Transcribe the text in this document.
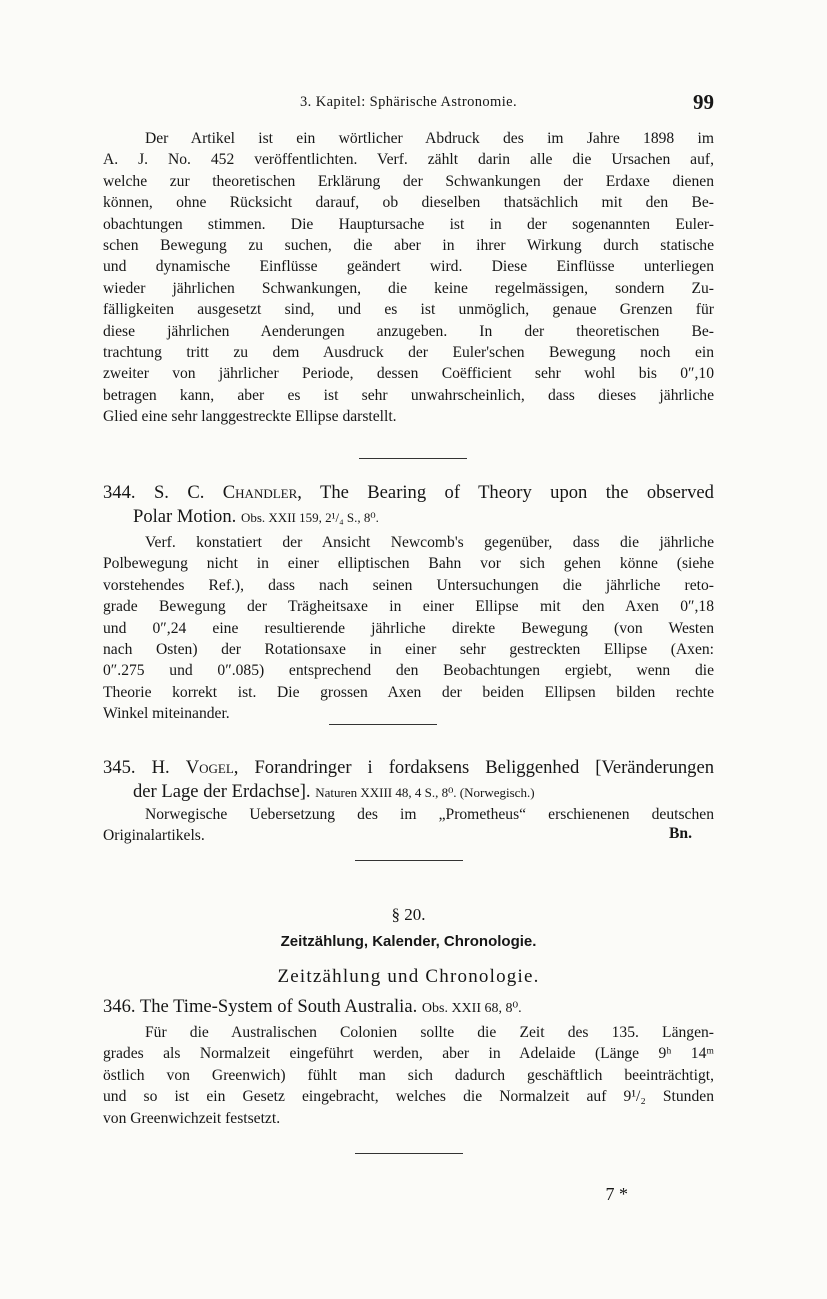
3. Kapitel: Sphärische Astronomie.	99
Der Artikel ist ein wörtlicher Abdruck des im Jahre 1898 im
A. J. No. 452 veröffentlichten. Verf. zählt darin alle die Ursachen auf,
welche zur theoretischen Erklärung der Schwankungen der Erdaxe dienen
können, ohne Rücksicht darauf, ob dieselben thatsächlich mit den Be-
obachtungen stimmen. Die Hauptursache ist in der sogenannten Euler-
schen Bewegung zu suchen, die aber in ihrer Wirkung durch statische
und dynamische Einflüsse geändert wird. Diese Einflüsse unterliegen
wieder jährlichen Schwankungen, die keine regelmässigen, sondern Zu-
fälligkeiten ausgesetzt sind, und es ist unmöglich, genaue Grenzen für
diese jährlichen Aenderungen anzugeben. In der theoretischen Be-
trachtung tritt zu dem Ausdruck der Euler'schen Bewegung noch ein
zweiter von jährlicher Periode, dessen Coëfficient sehr wohl bis 0″,10
betragen kann, aber es ist sehr unwahrscheinlich, dass dieses jährliche
Glied eine sehr langgestreckte Ellipse darstellt.
344. S. C. Chandler, The Bearing of Theory upon the observed
Polar Motion. Obs. XXII 159, 2¹/₄ S., 8⁰.
Verf. konstatiert der Ansicht Newcomb's gegenüber, dass die jährliche
Polbewegung nicht in einer elliptischen Bahn vor sich gehen könne (siehe
vorstehendes Ref.), dass nach seinen Untersuchungen die jährliche reto-
grade Bewegung der Trägheitsaxe in einer Ellipse mit den Axen 0″,18
und 0″,24 eine resultierende jährliche direkte Bewegung (von Westen
nach Osten) der Rotationsaxe in einer sehr gestreckten Ellipse (Axen:
0″.275 und 0″.085) entsprechend den Beobachtungen ergiebt, wenn die
Theorie korrekt ist. Die grossen Axen der beiden Ellipsen bilden rechte
Winkel miteinander.
345. H. Vogel, Forandringer i fordaksens Beliggenhed [Veränderungen
der Lage der Erdachse]. Naturen XXIII 48, 4 S., 8⁰. (Norwegisch.)
Norwegische Uebersetzung des im „Prometheus“ erschienenen deutschen
Originalartikels.	Bn.
§ 20.
Zeitzählung, Kalender, Chronologie.
Zeitzählung und Chronologie.
346. The Time-System of South Australia. Obs. XXII 68, 8⁰.
Für die Australischen Colonien sollte die Zeit des 135. Längen-
grades als Normalzeit eingeführt werden, aber in Adelaide (Länge 9ʰ 14ᵐ
östlich von Greenwich) fühlt man sich dadurch geschäftlich beeinträchtigt,
und so ist ein Gesetz eingebracht, welches die Normalzeit auf 9¹/₂ Stunden
von Greenwichzeit festsetzt.
7 *
